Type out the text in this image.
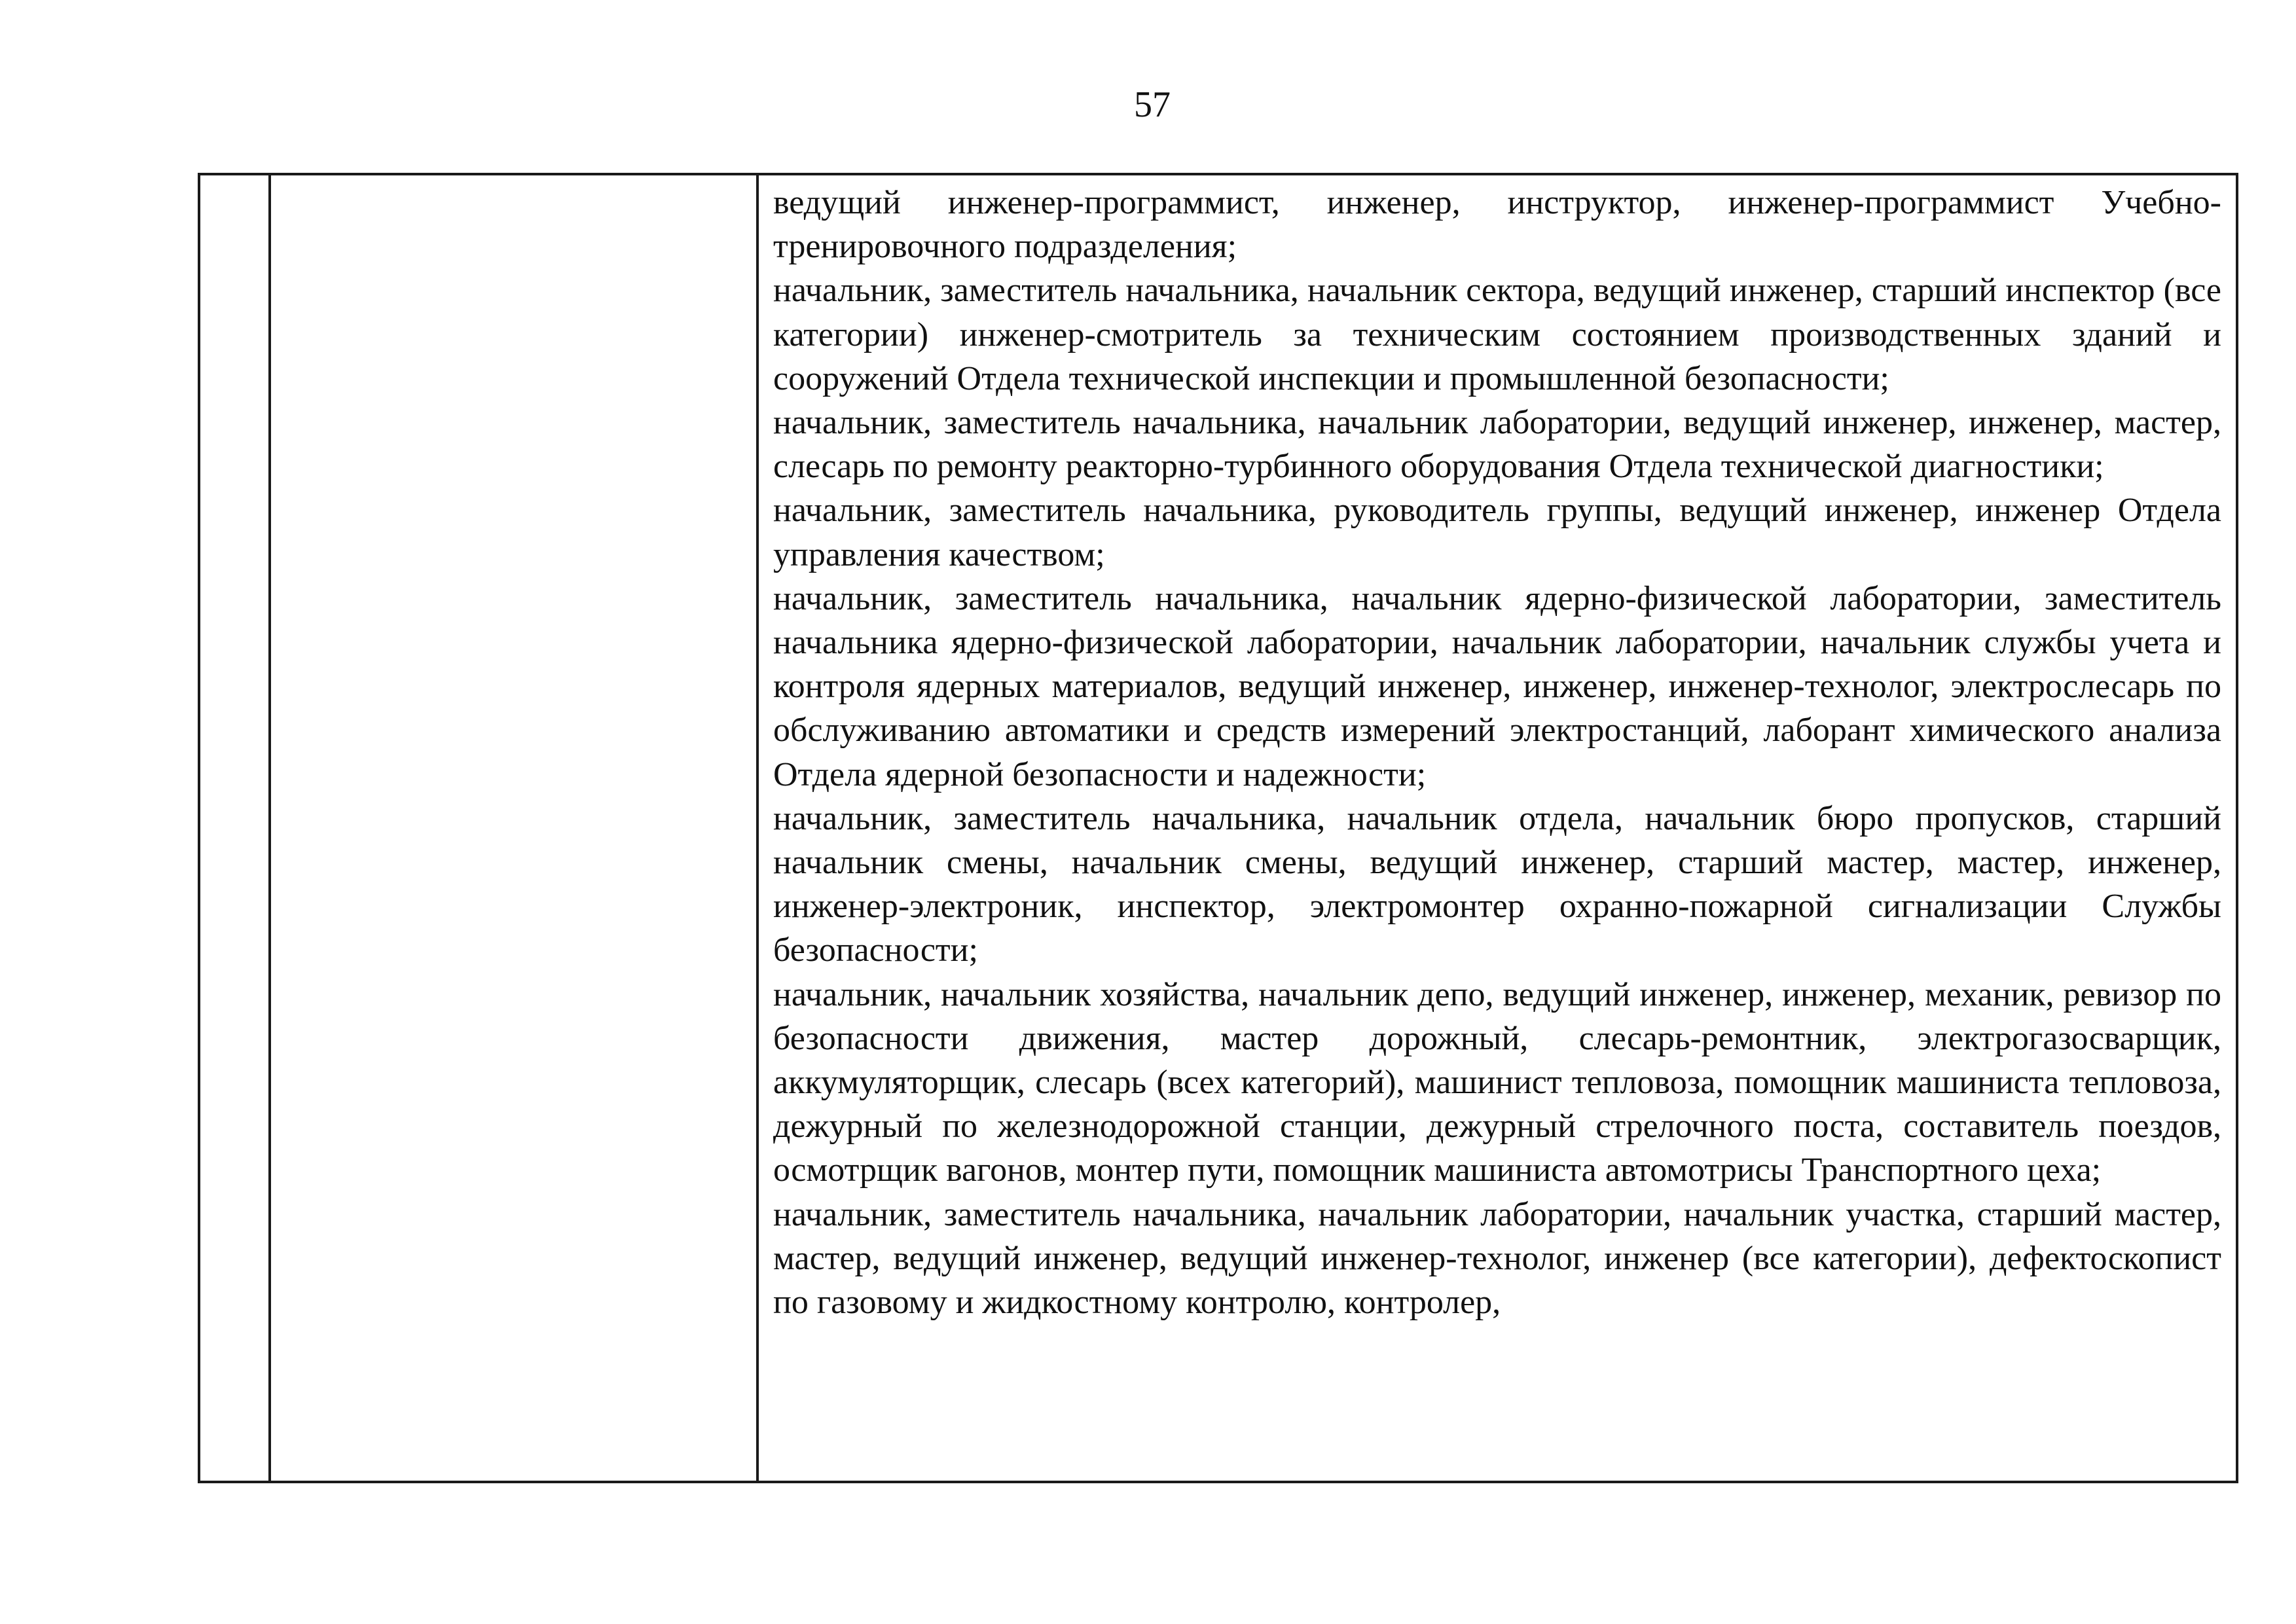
57

ведущий инженер-программист, инженер, инструктор, инженер-программист Учебно-тренировочного подразделения;
начальник, заместитель начальника, начальник сектора, ведущий инженер, старший инспектор (все категории) инженер-смотритель за техническим состоянием производственных зданий и сооружений Отдела технической инспекции и промышленной безопасности;
начальник, заместитель начальника, начальник лаборатории, ведущий инженер, инженер, мастер, слесарь по ремонту реакторно-турбинного оборудования Отдела технической диагностики;
начальник, заместитель начальника, руководитель группы, ведущий инженер, инженер Отдела управления качеством;
начальник, заместитель начальника, начальник ядерно-физической лаборатории, заместитель начальника ядерно-физической лаборатории, начальник лаборатории, начальник службы учета и контроля ядерных материалов, ведущий инженер, инженер, инженер-технолог, электрослесарь по обслуживанию автоматики и средств измерений электростанций, лаборант химического анализа Отдела ядерной безопасности и надежности;
начальник, заместитель начальника, начальник отдела, начальник бюро пропусков, старший начальник смены, начальник смены, ведущий инженер, старший мастер, мастер, инженер, инженер-электроник, инспектор, электромонтер охранно-пожарной сигнализации Службы безопасности;
начальник, начальник хозяйства, начальник депо, ведущий инженер, инженер, механик, ревизор по безопасности движения, мастер дорожный, слесарь-ремонтник, электрогазосварщик, аккумуляторщик, слесарь (всех категорий), машинист тепловоза, помощник машиниста тепловоза, дежурный по железнодорожной станции, дежурный стрелочного поста, составитель поездов, осмотрщик вагонов, монтер пути, помощник машиниста автомотрисы Транспортного цеха;
начальник, заместитель начальника, начальник лаборатории, начальник участка, старший мастер, мастер, ведущий инженер, ведущий инженер-технолог, инженер (все категории), дефектоскопист по газовому и жидкостному контролю, контролер,
